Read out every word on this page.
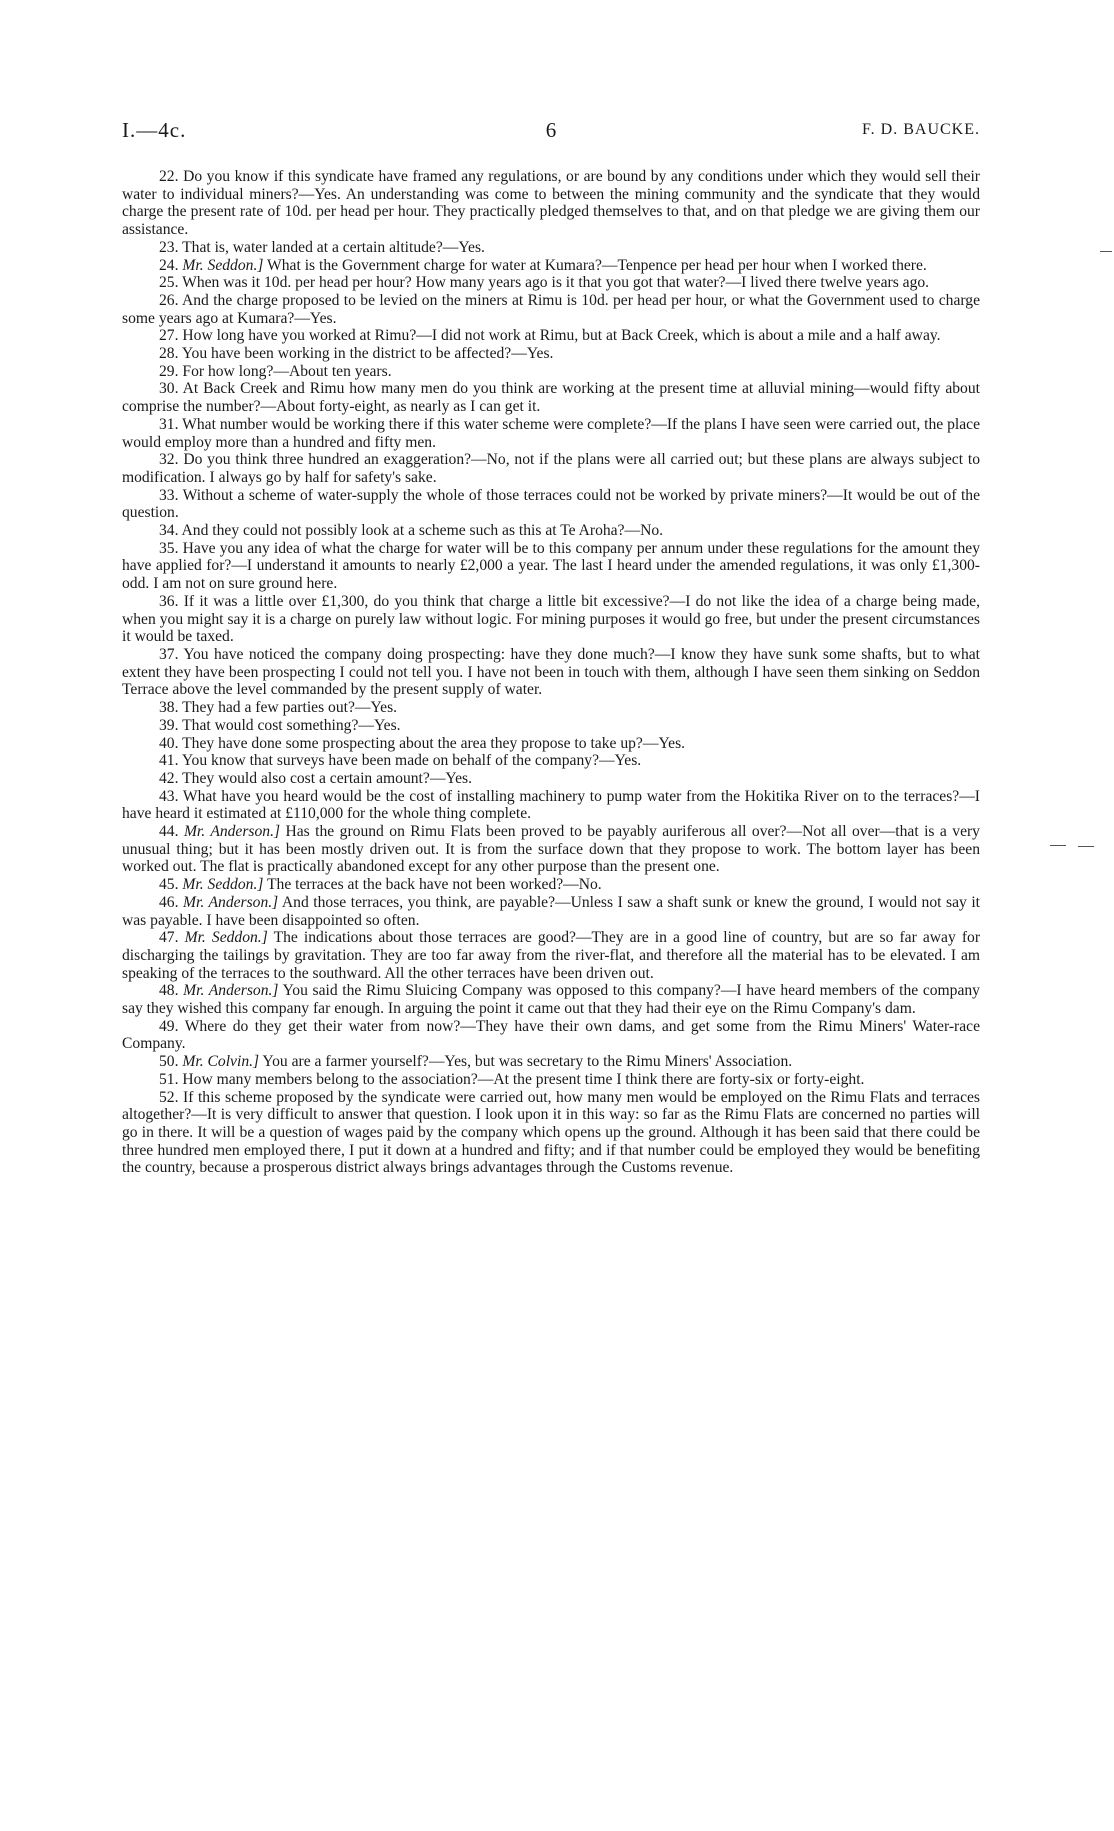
I.—4c.	6	F. D. BAUCKE.

22. Do you know if this syndicate have framed any regulations, or are bound by any conditions under which they would sell their water to individual miners?—Yes. An understanding was come to between the mining community and the syndicate that they would charge the present rate of 10d. per head per hour. They practically pledged themselves to that, and on that pledge we are giving them our assistance.

23. That is, water landed at a certain altitude?—Yes.

24. Mr. Seddon.] What is the Government charge for water at Kumara?—Tenpence per head per hour when I worked there.

25. When was it 10d. per head per hour? How many years ago is it that you got that water?—I lived there twelve years ago.

26. And the charge proposed to be levied on the miners at Rimu is 10d. per head per hour, or what the Government used to charge some years ago at Kumara?—Yes.

27. How long have you worked at Rimu?—I did not work at Rimu, but at Back Creek, which is about a mile and a half away.

28. You have been working in the district to be affected?—Yes.

29. For how long?—About ten years.

30. At Back Creek and Rimu how many men do you think are working at the present time at alluvial mining—would fifty about comprise the number?—About forty-eight, as nearly as I can get it.

31. What number would be working there if this water scheme were complete?—If the plans I have seen were carried out, the place would employ more than a hundred and fifty men.

32. Do you think three hundred an exaggeration?—No, not if the plans were all carried out; but these plans are always subject to modification. I always go by half for safety's sake.

33. Without a scheme of water-supply the whole of those terraces could not be worked by private miners?—It would be out of the question.

34. And they could not possibly look at a scheme such as this at Te Aroha?—No.

35. Have you any idea of what the charge for water will be to this company per annum under these regulations for the amount they have applied for?—I understand it amounts to nearly £2,000 a year. The last I heard under the amended regulations, it was only £1,300-odd. I am not on sure ground here.

36. If it was a little over £1,300, do you think that charge a little bit excessive?—I do not like the idea of a charge being made, when you might say it is a charge on purely law without logic. For mining purposes it would go free, but under the present circumstances it would be taxed.

37. You have noticed the company doing prospecting: have they done much?—I know they have sunk some shafts, but to what extent they have been prospecting I could not tell you. I have not been in touch with them, although I have seen them sinking on Seddon Terrace above the level commanded by the present supply of water.

38. They had a few parties out?—Yes.

39. That would cost something?—Yes.

40. They have done some prospecting about the area they propose to take up?—Yes.

41. You know that surveys have been made on behalf of the company?—Yes.

42. They would also cost a certain amount?—Yes.

43. What have you heard would be the cost of installing machinery to pump water from the Hokitika River on to the terraces?—I have heard it estimated at £110,000 for the whole thing complete.

44. Mr. Anderson.] Has the ground on Rimu Flats been proved to be payably auriferous all over?—Not all over—that is a very unusual thing; but it has been mostly driven out. It is from the surface down that they propose to work. The bottom layer has been worked out. The flat is practically abandoned except for any other purpose than the present one.

45. Mr. Seddon.] The terraces at the back have not been worked?—No.

46. Mr. Anderson.] And those terraces, you think, are payable?—Unless I saw a shaft sunk or knew the ground, I would not say it was payable. I have been disappointed so often.

47. Mr. Seddon.] The indications about those terraces are good?—They are in a good line of country, but are so far away for discharging the tailings by gravitation. They are too far away from the river-flat, and therefore all the material has to be elevated. I am speaking of the terraces to the southward. All the other terraces have been driven out.

48. Mr. Anderson.] You said the Rimu Sluicing Company was opposed to this company?—I have heard members of the company say they wished this company far enough. In arguing the point it came out that they had their eye on the Rimu Company's dam.

49. Where do they get their water from now?—They have their own dams, and get some from the Rimu Miners' Water-race Company.

50. Mr. Colvin.] You are a farmer yourself?—Yes, but was secretary to the Rimu Miners' Association.

51. How many members belong to the association?—At the present time I think there are forty-six or forty-eight.

52. If this scheme proposed by the syndicate were carried out, how many men would be employed on the Rimu Flats and terraces altogether?—It is very difficult to answer that question. I look upon it in this way: so far as the Rimu Flats are concerned no parties will go in there. It will be a question of wages paid by the company which opens up the ground. Although it has been said that there could be three hundred men employed there, I put it down at a hundred and fifty; and if that number could be employed they would be benefiting the country, because a prosperous district always brings advantages through the Customs revenue.
